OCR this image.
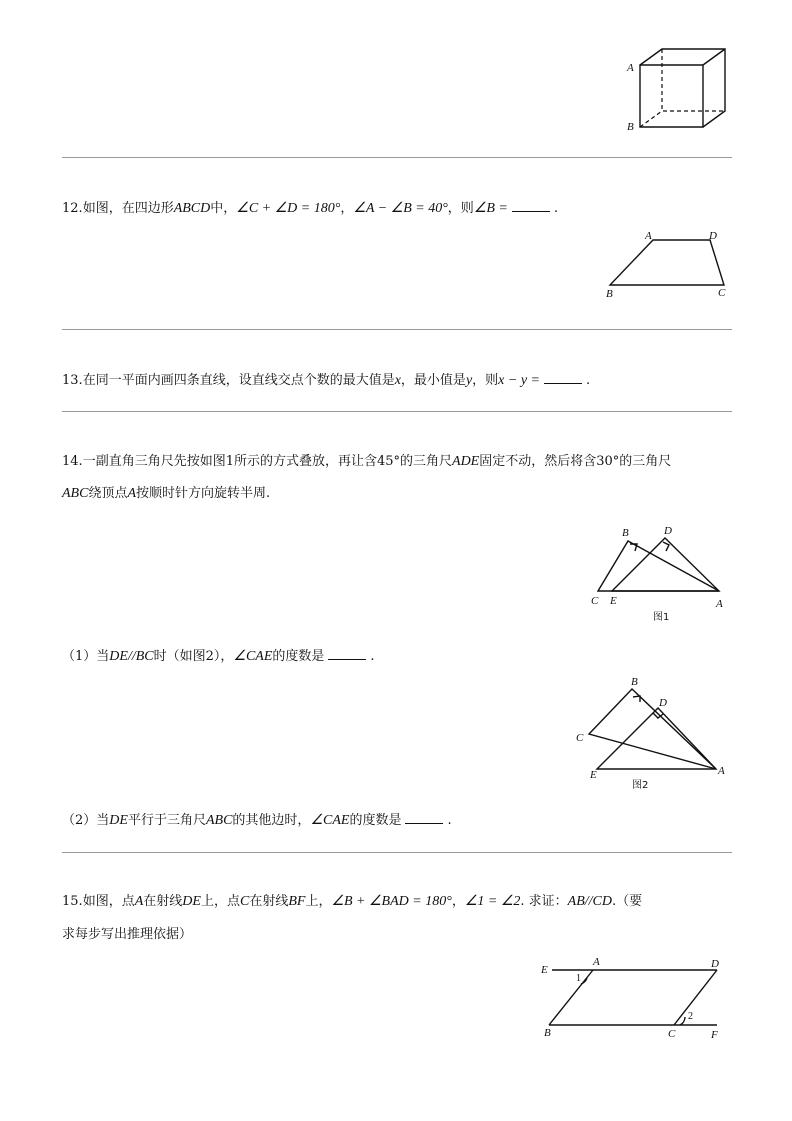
A
B
12.如图，在四边形ABCD中，∠C + ∠D = 180°，∠A − ∠B = 40°，则∠B =	.
A	D
B	C
13.在同一平面内画四条直线，设直线交点个数的最大值是x，最小值是y，则x − y =	.
14.一副直角三角尺先按如图1所示的方式叠放，再让含45°的三角尺ADE固定不动，然后将含30°的三角尺
ABC绕顶点A按顺时针方向旋转半周.
B	D
C E	A
图1
（1）当DE//BC时（如图2），∠CAE的度数是	.
B
D
C
E	A
图2
（2）当DE平行于三角尺ABC的其他边时，∠CAE的度数是	.
15.如图，点A在射线DE上，点C在射线BF上，∠B + ∠BAD = 180°，∠1 = ∠2. 求证：AB//CD.（要
求每步写出推理依据）
E
A	D
1
2
B	C	F
